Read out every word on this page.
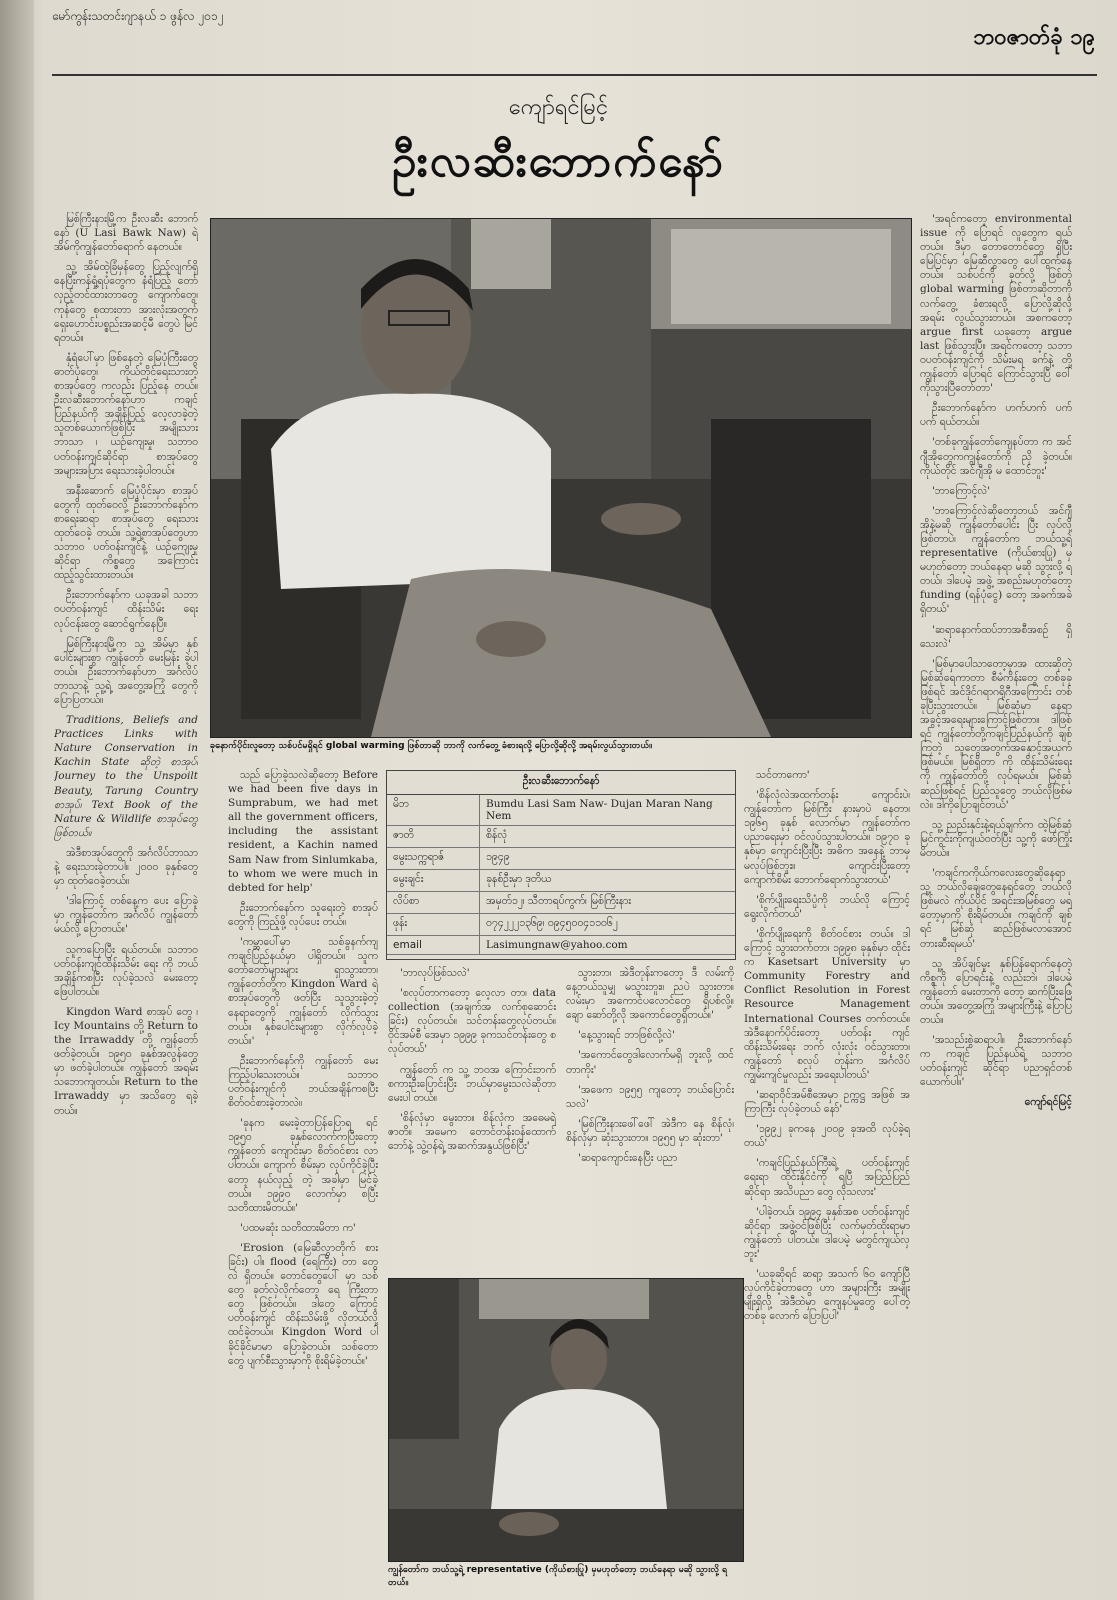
မော်ကွန်းသတင်းဂျာနယ် ၁ ဖွန်လ ၂၀၁၂
ဘဝဇာတ်ခုံ ၁၉
ကျော်ရင်မြင့်
ဦးလဆီးဘောက်နော်

မြစ်ကြီးနားမြို့က ဦးလဆီး ဘောက်နော် (U Lasi Bawk Naw) ရဲ့ အိမ်ကိုကျွန်တော်ရောက် နေတယ်။

သူ့ အိမ်ထဲ့ခြံမှန်တွေ ပြည့်လျက်ရှိ နေပြီးကန်ရှုံ့ရပုံတွေက နံရံပြည့် တော်လှည့်တင်ထားတာတွေ ကျောက်တွေ၊ ကုန်တွေ စုထားတာ အားလုံးအတွက် ရှေးဟောင်းပစ္စည်းအဆင့်မီ တွေပဲ မြင်ရတယ်။

နှံရံပေါ်မှာ ဖြစ်နေတဲ့ မြေပုံကြီးတွေ ဓာတ်ပုံတွေ၊ ကိုယ်တိုင်ရေးသားတဲ့ စာအုပ်တွေ ကလည်း ပြည့်နေ တယ်။ ဦးလဆီးဘောက်နော်ဟာ ကချင် ပြည်နယ်ကို အချိန်ပြည့် လေ့လာခဲ့တဲ့ သူတစ်ယောက်ဖြစ်ပြီး အမျိုးသား ဘာသာ ၊ ယဉ်ကျေးမှု၊ သဘာဝပတ်ဝန်းကျင်ဆိုင်ရာ စာအုပ်တွေ အများအပြား ရေးသားခဲ့ပါတယ်။

အနီးဆောက် မြေပုံပိုင်းမှာ စာအုပ်တွေကို ထုတ်ဝေလို့ ဦးဘောက်နော်က စာရေးဆရာ စာအုပ်တွေ ရေးသားထုတ်ဝေခဲ့ တယ်။ သူ့ရဲ့စာအုပ်တွေဟာ သဘာဝ ပတ်ဝန်းကျင်နဲ့ ယဉ်ကျေးမှုဆိုင်ရာ ကိစ္စတွေ အကြောင်း ထည့်သွင်းထားတယ်။

ဦးဘောက်နော်က ယခုအခါ သဘာဝပတ်ဝန်းကျင် ထိန်းသိမ်း ရေး လုပ်ငန်းတွေ ဆောင်ရွက်နေပြီ။

မြစ်ကြီးနားမြို့က သူ့ အိမ်မှာ နှစ်ပေါင်းများစွာ ကျွန်တော် မေးမြန်း ခဲ့ပါတယ်။ ဦးဘောက်နော်ဟာ အင်္ဂလိပ်ဘာသာနဲ့ သူ့ရဲ့ အတွေ့အကြုံ တွေကို ပြောပြတယ်။

Traditions, Beliefs and Practices Links with Nature Conservation in Kachin State ဆိုတဲ့ စာအုပ်၊ Journey to the Unspoilt Beauty, Tarung Country စာအုပ်၊ Text Book of the Nature & Wildlife စာအုပ်တွေ ဖြစ်တယ်။

အဲဒီစာအုပ်တွေကို အင်္ဂလိပ်ဘာသာနဲ့ ရေးသားခဲ့တာပါ။ ၂၀၀၀ ခုနှစ်တွေမှာ ထုတ်ဝေခဲ့တယ်။

'ဒါကြောင့် တစ်နေ့က ပေး ပြောခဲ့မှာ ကျွန်တော်က အင်္ဂလိပ် ကျွန်တော်မယ်လို့ ပြောတယ်။'

သူကပြောပြီး ရယ်တယ်။ သဘာဝပတ်ဝန်းကျင်ထိန်းသိမ်း ရေး ကို ဘယ်အချိန်ကစပြီး လုပ်ခဲ့သလဲ မေးတော့ ဖြေပါတယ်။

Kingdon Ward စာအုပ် တွေ ၊ Icy Mountains တို့ Return to the Irrawaddy တို့ ကျွန်တော် ဖတ်ခဲ့တယ်။ ၁၉၅၀ ခုနှစ်အလွန်တွေ မှာ ဖတ်ခဲ့ပါတယ်။ ကျွန်တော် အရမ်း သဘောကျတယ်။ Return to the Irrawaddy မှာ အသိတွေ ရခဲ့တယ်။

ခုနောက်ပိုင်းလူတော့ သစ်ပင်မရှိရင် global warming ဖြစ်တာဆို ဘာကို လက်တွေ့ ခံစားရလို့ ပြောလို့ဆိုလို့ အရမ်းလွယ်သွားတယ်။

'အရင်ကတော့ environmental issue ကို ပြောရင် လူတွေက ရယ်တယ်။ ဒီမှာ တောတောင်တွေ ရှိပြီး မြေပြင်မှာ မြေဆီလွှာတွေ ပေါ်ထွက်နေတယ်။ သစ်ပင်ကို ခုတ်လို့ ဖြစ်တဲ့ global warming ဖြစ်တာဆိုတာကို လက်တွေ့ ခံစားရလို့ ပြောလို့ဆိုလို့ အရမ်း လွယ်သွားတယ်။ အစကတော့ argue first ယခုတော့ argue last ဖြစ်သွားပြီ။ အရင်ကတော့ သဘာဝပတ်ဝန်းကျင်ကို သိမ်းမရ ခက်နဲ့ တို့ ကျွန်တော် ပြောရင် ကြောင်သွားပြီ ဝေါ်ကိုသွားပြီတော်တာ'

ဦးဘောက်နော်က ဟက်ဟက် ပက်ပက် ရယ်တယ်။

'တစ်ခုကျွန်တော်ကျေနပ်တာ က အင်ဂျီအိုတွေကကျွန်တော်ကို ညှိ ခဲ့တယ်။ ကိုယ်တိုင် အင်ဂျီအို မ ထောင်ဘူး'

'ဘာကြောင့်လဲ'

'ဘာကြောင့်လဲဆိုတော့ဘယ် အင်ဂျီအိုနဲ့မဆို ကျွန်တော်ပေါင်း ပြီး လုပ်လို့ ဖြစ်တာပဲ၊ ကျွန်တော်က ဘယ်သူ့ရဲ့ representative (ကိုယ်စားပြု) မှမဟုတ်တော့ ဘယ်နေရာ မဆို သွားလို့ ရတယ်၊ ဒါပေမဲ့ အဖွဲ့ အစည်းမဟုတ်တော့ funding (ရန်ပုံငွေ) တော့ အခက်အခဲရှိတယ်'

'ဆရာနောက်ထပ်ဘာအစီအစဉ် ရှိသေးလဲ'

'မြစ်မှာပေါသာတော့မှာအ ထားဆိုတဲ့ မြစ်ဆုံရေကာတာ စီမံကိန်းတွေ တစ်ခုခုဖြစ်ရင် အင်ဒိုင်ဂရာဂရိုဂီအကြောင်း တစ်ခုပြီးသွားတယ်။ မြစ်ဆုံမှာ နေရာ အခွင့်အရေးများကြောင့်ဖြစ်တာ။ ဒါဖြစ်ရင် ကျွန်တော်တို့ကချင်ပြည်နယ်ကို ချစ်ကြတဲ့ သူတွေအတွက်အနှောင့်အယှက်ဖြစ်မယ်။ မြစ်ရှိတာ ကို ထိန်းသိမ်းရေး ကို ကျွန်တော်တို့ လုပ်ရမယ်။ မြစ်ဆုံ ဆည်ဖြစ်ရင် ပြည်သူတွေ ဘယ်လိုဖြစ်မလဲ။ ဒါကိုပြောချင်တယ်'

သူ့ ညည်းနှင်းနဲ့ရယ်ချက်က ထဲ့မြစ်ဆုံမြင်ကွင်းကိုကျယ်ဝတ်ပြီး သူ့ကို ဖော်ကြိုးမိတယ်။

'ကချင်ကကိုယ်ကလေးတွေဆိုနေရာ သူ့ ဘယ်လိုချေတွေနေရင်တွေ ဘယ်လိုဖြစ်မလဲ ကိုယ်ပိုင် အရင်းအမြစ်တွေ မရတော့မှာကို စိုးရိမ်တယ်။ ကချင်ကို ချစ်ရင် မြစ်ဆုံ ဆည်ဖြစ်မလာအောင် တားဆီးရမယ်'

သူ့ အိပ်ချင်မူး နှစ်ပြန်ရောက်နေတဲ့ ကိစ္စကို ပြောရင်းနဲ့ လည်းဘဲ၊ ဒါပေမဲ့ ကျွန်တော် မေးတာကို တော့ ဆက်ပြီးဖြေတယ်။ အတွေ့အကြုံ အများကြီးနဲ့ ပြောပြတယ်။

'အသည်းစွဲဆရာပါ။ ဦးဘောက်နော်က ကချင် ပြည်နယ်ရဲ့ သဘာဝပတ်ဝန်းကျင် ဆိုင်ရာ ပညာရှင်တစ်ယောက်ပါ။'

ကျော်ရင်မြင့်

သည် ပြောခဲ့သလဲဆိုတော့ Before we had been five days in Sumprabum, we had met all the government officers, including the assistant resident, a Kachin named Sam Naw from Sinlumkaba, to whom we were much in debted for help'

ဦးဘောက်နော်က သူရေးတဲ့ စာအုပ်တွေကို ကြည့်ဖို့ လုပ်ပေး တယ်။

'ကမ္ဘာပေါ်မှာ သစ်ခွနက်ကျ ကချင်ပြည်နယ်မှာ ပါရှိတယ်။ သူက တော်တော်များများ ရှာသွားတာ၊ ကျွန်တော်တို့က Kingdon Ward ရဲ့ စာအုပ်တွေကို ဖတ်ပြီး သူသွားခဲ့တဲ့ နေရာတွေကို ကျွန်တော် လိုက်သွားတယ်။ နှစ်ပေါင်းများစွာ လိုက်လုပ်ခဲ့တယ်။'

ဦးဘောက်နော်ကို ကျွန်တော် မေးကြည့်ပါသေးတယ်။ သဘာဝ ပတ်ဝန်းကျင်ကို ဘယ်အချိန်ကစပြီး စိတ်ဝင်စားခဲ့တာလဲ။

'ခုနက မေးခဲ့တာပြန်ပြောရ ရင် ၁၉၅၀ ခုနှစ်လောက်ကပြီးတော့ ကျွန်တော် ကျောင်းမှာ စိတ်ဝင်စား လာပါတယ်။ ကျောက် စိမ်းမှာ လုပ်ကိုင်ခဲ့ပြီးတော့ နယ်လှည့် တဲ့ အခါမှာ မြင်ခဲ့တယ်။ ၁၉၉၀ လောက်မှာ စပြီး သတိထားမိတယ်။'

'ပထမဆုံး သတိထားမိတာ က'

'Erosion (မြေဆီလွှာတိုက် စားခြင်း) ပါ။ flood (ရေကြီး) တာ တွေ လဲ ရှိတယ်။ တောင်တွေပေါ် မှာ သစ်တွေ ခုတ်လှဲလိုက်တော့ ရေ ကြီးတာ တွေ ဖြစ်တယ်။ ဒါတွေ ကြောင့် ပတ်ဝန်းကျင် ထိန်းသိမ်းဖို့ လိုတယ်လို့ ထင်ခဲ့တယ်။ Kingdon Word ပါ ခိုင်ခိုင်မာမာ ပြောခဲ့တယ်။ သစ်တောတွေ ပျက်စီးသွားမှာကို စိုးရိမ်ခဲ့တယ်။'

ဦးလဆီးဘောက်နော်
မိဘ	Bumdu Lasi Sam Naw- Dujan Maran Nang Nem
ဇာတိ	စိန်လုံ
မွေးသက္ကရာဇ်	၁၉၄၉
မွေးချင်း	ခုနစ်ဦးမှာ ဒုတိယ
လိပ်စာ	အမှတ်၁၂၊ သီတာရပ်ကွက်၊ မြစ်ကြီးနား
ဖုန်း	၀၇၄၂၂၂၁၃၆၉၊ ၀၉၄၅၀၀၄၁၁၀၆၂
email	Lasimungnaw@yahoo.com

'ဘာလုပ်ဖြစ်သလဲ'

'စလုပ်တာကတော့ လေ့လာ တာ၊ data collection (အချက်အ လက်စုဆောင်းခြင်း) လုပ်တယ်။ သင်တန်းတွေလုပ်တယ်။ ဝိုင်အမ်စီ အေမှာ ၁၉၉၉ ခုကသင်တန်းတွေ စလုပ်တယ်'

ကျွန်တော် က သူ့ ဘဝအ ကြောင်းဘက် စကားဦးပြောင်းပြီး ဘယ်မှာမွေးသလဲဆိုတာ မေးပါ တယ်။

'စိန်လုံမှာ မွေးတာ။ စိန်လုံက အဓေမရဲ့ ဇာတိ။ အမေက တောင်တန်းဝန်ထောက်ဘော်နဲ့ သွဲ့ဝန်ရဲ့ အဆက်အနွယ်ဖြစ်ပြီး'

သွားတာ၊ အဲဒီတုန်းကတော့ ဒီ လမ်းကို နေ့ဘယ်သူမျှ မသွားဘူး။ ညပဲ သွားတာ။ လမ်းမှာ အကောင်ပလောင်တွေ ရှိပစ်လို့။ ချော ဆော်တို့လို အကောင်တွေရှိတယ်။'

'နေ့သွားရင် ဘာဖြစ်လို့လဲ'

'အကောင်တွေဒါလောက်မရှိ ဘူးလို့ ထင်တာကိုး'

'အဖေက ၁၉၅၅ ကျတော့ ဘယ်ပြောင်းသလဲ'

'မြစ်ကြီးနားဖေါ်ဖေါ် အဲဒီက နေ စိန်လုံ၊ စိန်လုံမှာ ဆုံးသွားတာ။ ၁၉၅၅ မှာ ဆုံးတာ'

'ဆရာကျောင်းနေပြီး ပညာ

သင်တာကော'

'စိန်လုံလဲအထက်တန်း ကျောင်းပဲ၊ ကျွန်တော်က မြစ်ကြီး နားမှာပဲ နေတာ၊ ၁၉၆၅ ခုနှစ် လောက်မှာ ကျွန်တော်က ပညာရေးမှာ ဝင်လုပ်သွားပါတယ်။ ၁၉၇၀ ခုနှစ်မှာ ကျောင်းပြီးပြီး အဓိက အနေနဲ့ ဘာမှ မလုပ်ဖြစ်ဘူး။ ကျောင်းပြီးတော့ ကျောက်စိမ်း ဘောက်ရောက်သွားတယ်'

'စိုက်ပျိုးရေးသိပ္ပံကို ဘယ်လို ကြောင့် ရွေးလိုက်တယ်'

'စိုက်ပျိုးရေးကို စိတ်ဝင်စား တယ်။ ဒါကြောင့် သွားတက်တာ၊ ၁၉၉၈ ခုနှစ်မှာ ထိုင်းက Kasetsart University မှာ Community Forestry and Conflict Resolution in Forest Resource Management International Courses တက်တယ်။ အဲဒီနောက်ပိုင်းတော့ ပတ်ဝန်း ကျင်ထိန်းသိမ်းရေး ဘက် လုံးလုံး ဝင်သွားတာ၊ ကျွန်တော် စလုပ် တုန်းက အင်္ဂလိပ်ကျွမ်းကျင်မှုလည်း အရေးပါတယ်'

'ဆရာဝိုင်အမ်စီအေမှာ ဥက္ကဋ္ဌ အဖြစ် အကြာကြီး လုပ်ခဲ့တယ် နော်'

'၁၉၉၂ ခုကနေ ၂၀၀၉ ခုအထိ လုပ်ခဲ့ရတယ်'

'ကချင်ပြည်နယ်ကြီးရဲ့ ပတ်ဝန်းကျင်ရေးရာ ထိုင်းနိုင်ငံကို ရပြီ အပြည်ပြည်ဆိုင်ရာ အသိပညာ တွေ လိုသလား'

'ပါခဲ့တယ်၊ ၁၉၉၄ ခုနှစ်အစ ပတ်ဝန်းကျင်ဆိုင်ရာ အဖွဲ့ဝင်ဖြစ်ပြီး လက်မှတ်ထိုးရာမှာ ကျွန်တော် ပါတယ်။ ဒါပေမဲ့ မတွင်ကျယ်လှဘူး'

'ယခုဆိုရင် ဆရာ့ အသက် ၆၀ ကျော်ပြီ လုပ်ကိုင်ခဲ့တာတွေ ဟာ အများကြီး အမျိုးမျိုးရှိလို့ အဲဒီထဲမှာ ကျေနပ်မှုတွေ ပေါ်တဲ့ တစ်ခု လောက် ပြောပြပါ'

ကျွန်တော်က ဘယ်သူ့ရဲ့ representative (ကိုယ်စားပြု) မှမဟုတ်တော့ ဘယ်နေရာ မဆို သွားလို့ ရတယ်။
